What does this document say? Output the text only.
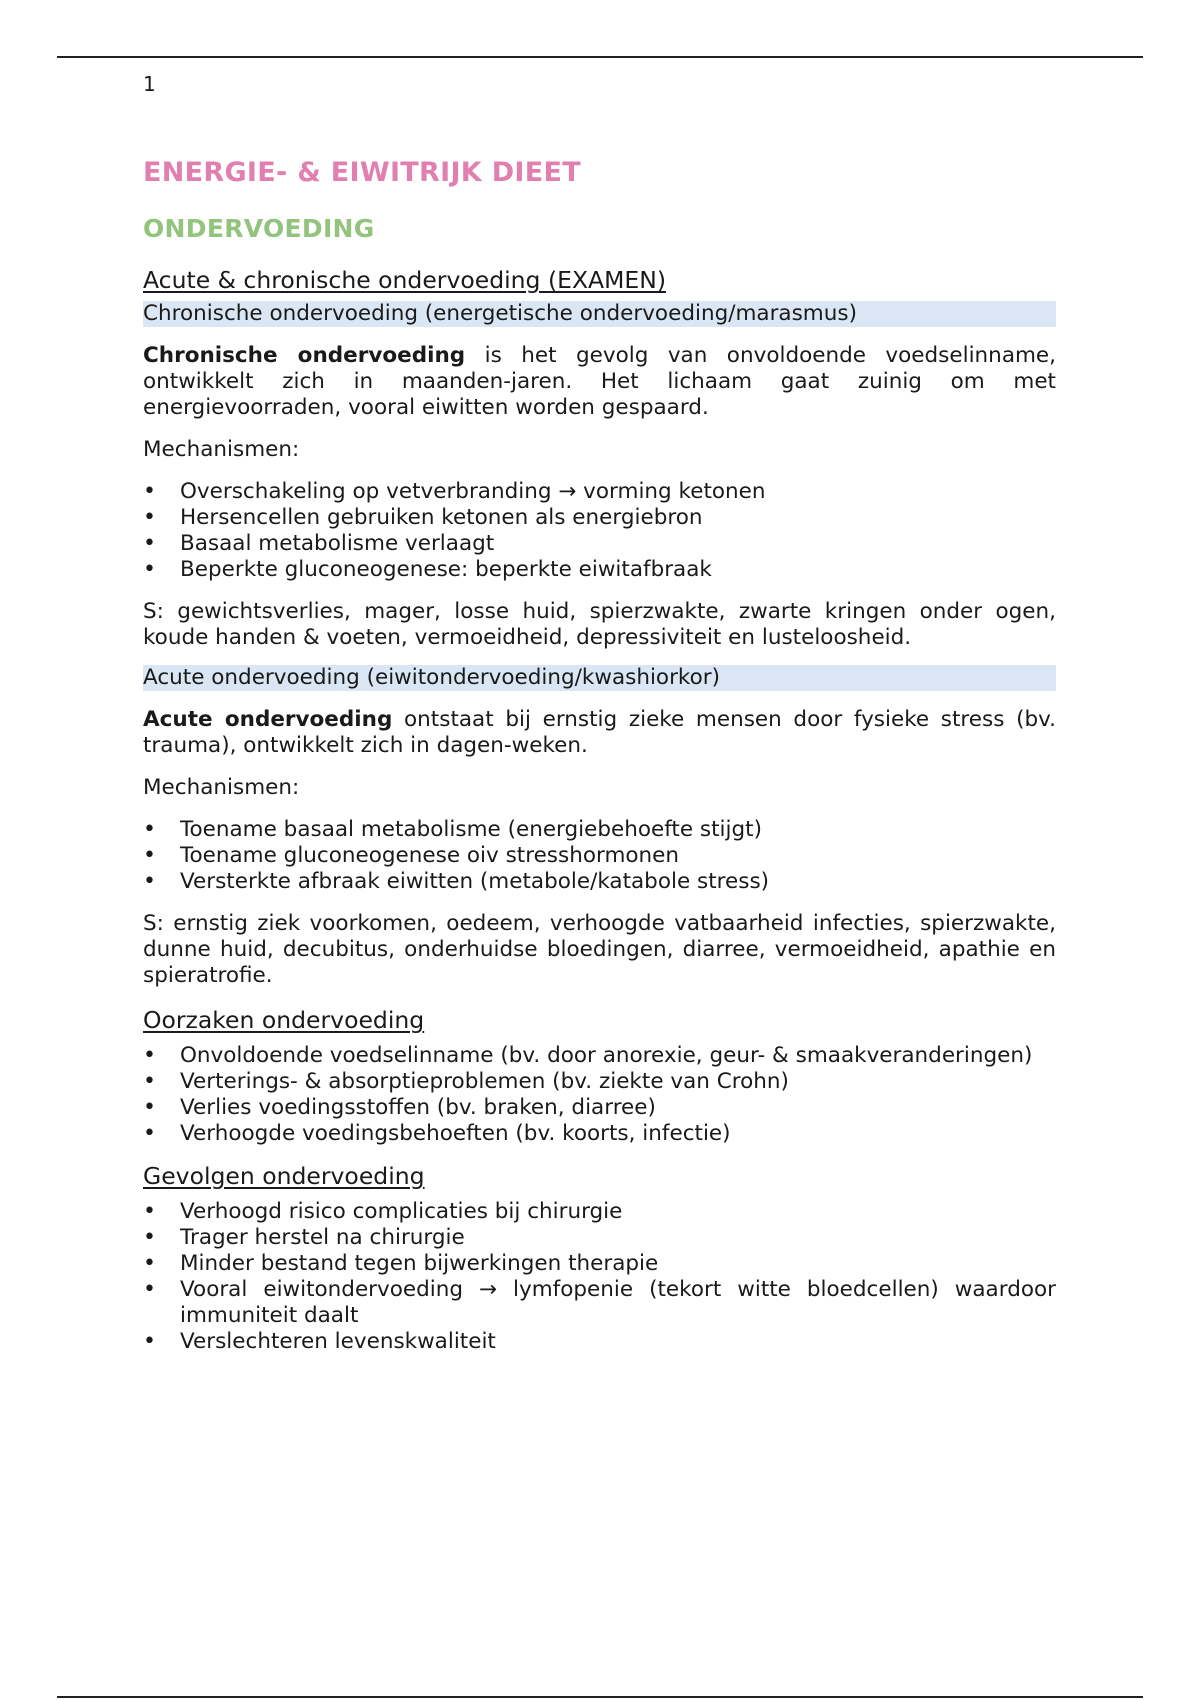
1
ENERGIE- & EIWITRIJK DIEET
ONDERVOEDING
Acute & chronische ondervoeding (EXAMEN)
Chronische ondervoeding (energetische ondervoeding/marasmus)

Chronische ondervoeding is het gevolg van onvoldoende voedselinname, ontwikkelt zich in maanden-jaren. Het lichaam gaat zuinig om met energievoorraden, vooral eiwitten worden gespaard.

Mechanismen:

• Overschakeling op vetverbranding → vorming ketonen
• Hersencellen gebruiken ketonen als energiebron
• Basaal metabolisme verlaagt
• Beperkte gluconeogenese: beperkte eiwitafbraak

S: gewichtsverlies, mager, losse huid, spierzwakte, zwarte kringen onder ogen, koude handen & voeten, vermoeidheid, depressiviteit en lusteloosheid.

Acute ondervoeding (eiwitondervoeding/kwashiorkor)

Acute ondervoeding ontstaat bij ernstig zieke mensen door fysieke stress (bv. trauma), ontwikkelt zich in dagen-weken.

Mechanismen:

• Toename basaal metabolisme (energiebehoefte stijgt)
• Toename gluconeogenese oiv stresshormonen
• Versterkte afbraak eiwitten (metabole/katabole stress)

S: ernstig ziek voorkomen, oedeem, verhoogde vatbaarheid infecties, spierzwakte, dunne huid, decubitus, onderhuidse bloedingen, diarree, vermoeidheid, apathie en spieratrofie.

Oorzaken ondervoeding
• Onvoldoende voedselinname (bv. door anorexie, geur- & smaakveranderingen)
• Verterings- & absorptieproblemen (bv. ziekte van Crohn)
• Verlies voedingsstoffen (bv. braken, diarree)
• Verhoogde voedingsbehoeften (bv. koorts, infectie)
Gevolgen ondervoeding
• Verhoogd risico complicaties bij chirurgie
• Trager herstel na chirurgie
• Minder bestand tegen bijwerkingen therapie
• Vooral eiwitondervoeding → lymfopenie (tekort witte bloedcellen) waardoor immuniteit daalt
• Verslechteren levenskwaliteit
